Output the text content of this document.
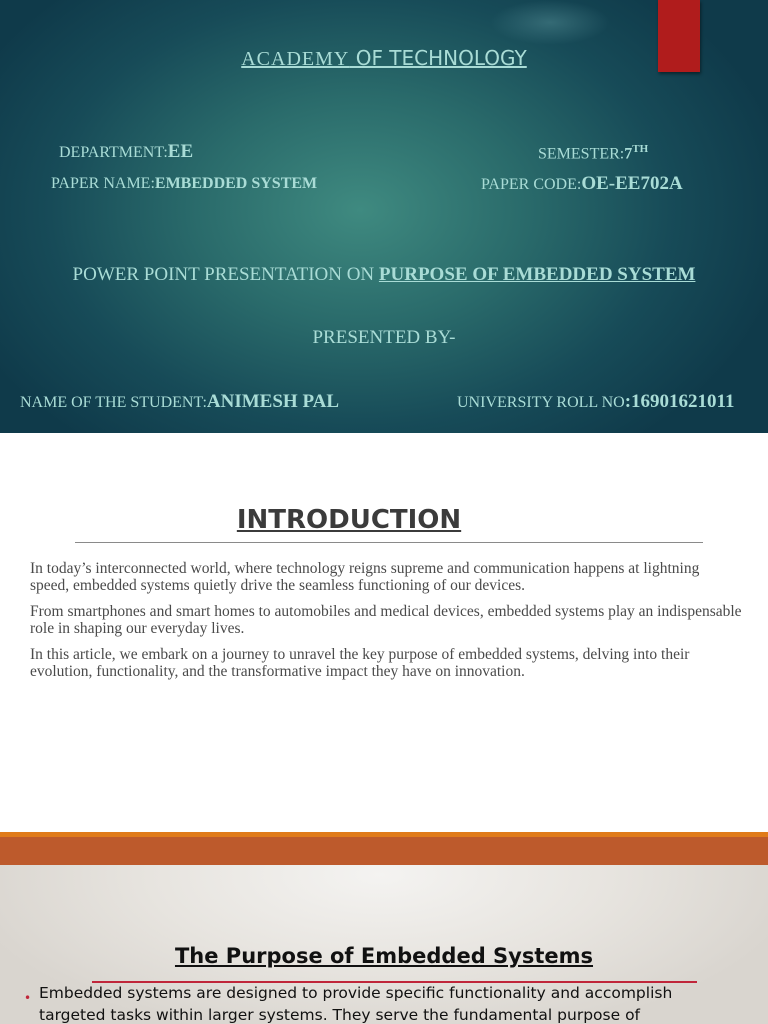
ACADEMY OF TECHNOLOGY
DEPARTMENT:EE	SEMESTER:7TH
PAPER NAME:EMBEDDED SYSTEM	PAPER CODE:OE-EE702A
POWER POINT PRESENTATION ON PURPOSE OF EMBEDDED SYSTEM
PRESENTED BY-
NAME OF THE STUDENT:ANIMESH PAL	UNIVERSITY ROLL NO:16901621011
INTRODUCTION

In today’s interconnected world, where technology reigns supreme and communication happens at lightning speed, embedded systems quietly drive the seamless functioning of our devices.

From smartphones and smart homes to automobiles and medical devices, embedded systems play an indispensable role in shaping our everyday lives.

In this article, we embark on a journey to unravel the key purpose of embedded systems, delving into their evolution, functionality, and the transformative impact they have on innovation.

The Purpose of Embedded Systems
• Embedded systems are designed to provide specific functionality and accomplish targeted tasks within larger systems. They serve the fundamental purpose of
